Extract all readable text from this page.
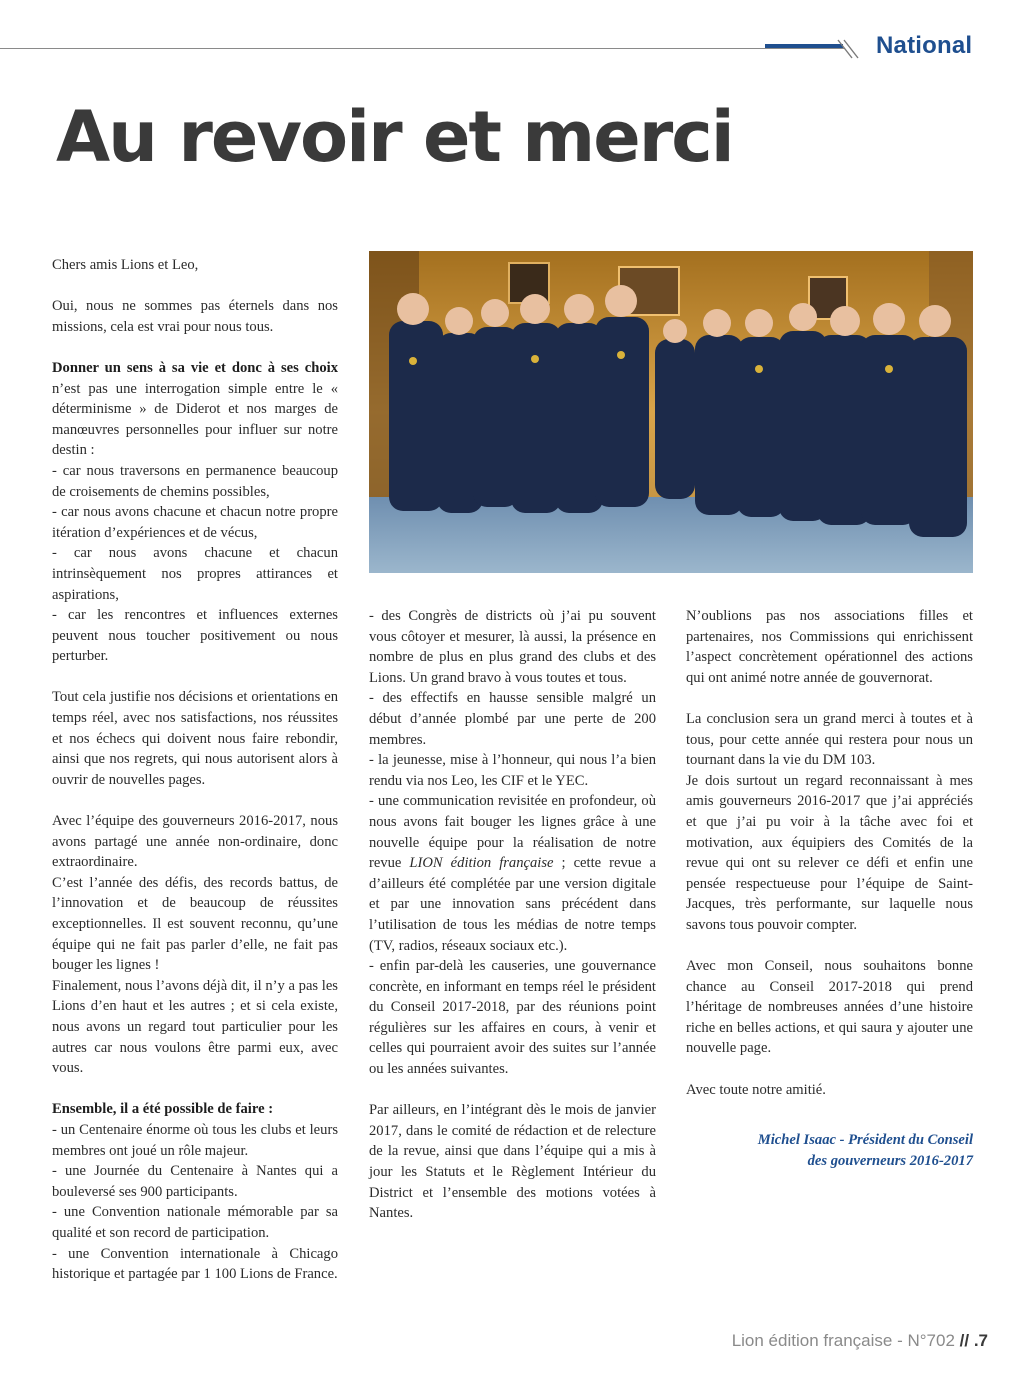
National
Au revoir et merci

Chers amis Lions et Leo,

Oui, nous ne sommes pas éternels dans nos missions, cela est vrai pour nous tous.

Donner un sens à sa vie et donc à ses choix n’est pas une interrogation simple entre le « déterminisme » de Diderot et nos marges de manœuvres personnelles pour influer sur notre destin :

- car nous traversons en permanence beaucoup de croisements de chemins possibles,

- car nous avons chacune et chacun notre propre itération d’expériences et de vécus,

- car nous avons chacune et chacun intrinsèquement nos propres attirances et aspirations,

- car les rencontres et influences externes peuvent nous toucher positivement ou nous perturber.

Tout cela justifie nos décisions et orientations en temps réel, avec nos satisfactions, nos réussites et nos échecs qui doivent nous faire rebondir, ainsi que nos regrets, qui nous autorisent alors à ouvrir de nouvelles pages.

Avec l’équipe des gouverneurs 2016-2017, nous avons partagé une année non-ordinaire, donc extraordinaire.

C’est l’année des défis, des records battus, de l’innovation et de beaucoup de réussites exceptionnelles. Il est souvent reconnu, qu’une équipe qui ne fait pas parler d’elle, ne fait pas bouger les lignes !

Finalement, nous l’avons déjà dit, il n’y a pas les Lions d’en haut et les autres ; et si cela existe, nous avons un regard tout particulier pour les autres car nous voulons être parmi eux, avec vous.

Ensemble, il a été possible de faire :

- un Centenaire énorme où tous les clubs et leurs membres ont joué un rôle majeur.

- une Journée du Centenaire à Nantes qui a bouleversé ses 900 participants.

- une Convention nationale mémorable par sa qualité et son record de participation.

- une Convention internationale à Chicago historique et partagée par 1 100 Lions de France.

- des Congrès de districts où j’ai pu souvent vous côtoyer et mesurer, là aussi, la présence en nombre de plus en plus grand des clubs et des Lions. Un grand bravo à vous toutes et tous.

- des effectifs en hausse sensible malgré un début d’année plombé par une perte de 200 membres.

- la jeunesse, mise à l’honneur, qui nous l’a bien rendu via nos Leo, les CIF et le YEC.

- une communication revisitée en profondeur, où nous avons fait bouger les lignes grâce à une nouvelle équipe pour la réalisation de notre revue LION édition française ; cette revue a d’ailleurs été complétée par une version digitale et par une innovation sans précédent dans l’utilisation de tous les médias de notre temps (TV, radios, réseaux sociaux etc.).

- enfin par-delà les causeries, une gouvernance concrète, en informant en temps réel le président du Conseil 2017-2018, par des réunions point régulières sur les affaires en cours, à venir et celles qui pourraient avoir des suites sur l’année ou les années suivantes.

Par ailleurs, en l’intégrant dès le mois de janvier 2017, dans le comité de rédaction et de relecture de la revue, ainsi que dans l’équipe qui a mis à jour les Statuts et le Règlement Intérieur du District et l’ensemble des motions votées à Nantes.

N’oublions pas nos associations filles et partenaires, nos Commissions qui enrichissent l’aspect concrètement opérationnel des actions qui ont animé notre année de gouvernorat.

La conclusion sera un grand merci à toutes et à tous, pour cette année qui restera pour nous un tournant dans la vie du DM 103.

Je dois surtout un regard reconnaissant à mes amis gouverneurs 2016-2017 que j’ai appréciés et que j’ai pu voir à la tâche avec foi et motivation, aux équipiers des Comités de la revue qui ont su relever ce défi et enfin une pensée respectueuse pour l’équipe de Saint-Jacques, très performante, sur laquelle nous savons tous pouvoir compter.

Avec mon Conseil, nous souhaitons bonne chance au Conseil 2017-2018 qui prend l’héritage de nombreuses années d’une histoire riche en belles actions, et qui saura y ajouter une nouvelle page.

Avec toute notre amitié.

Michel Isaac - Président du Conseil
des gouverneurs 2016-2017

Lion édition française - N°702 // .7
